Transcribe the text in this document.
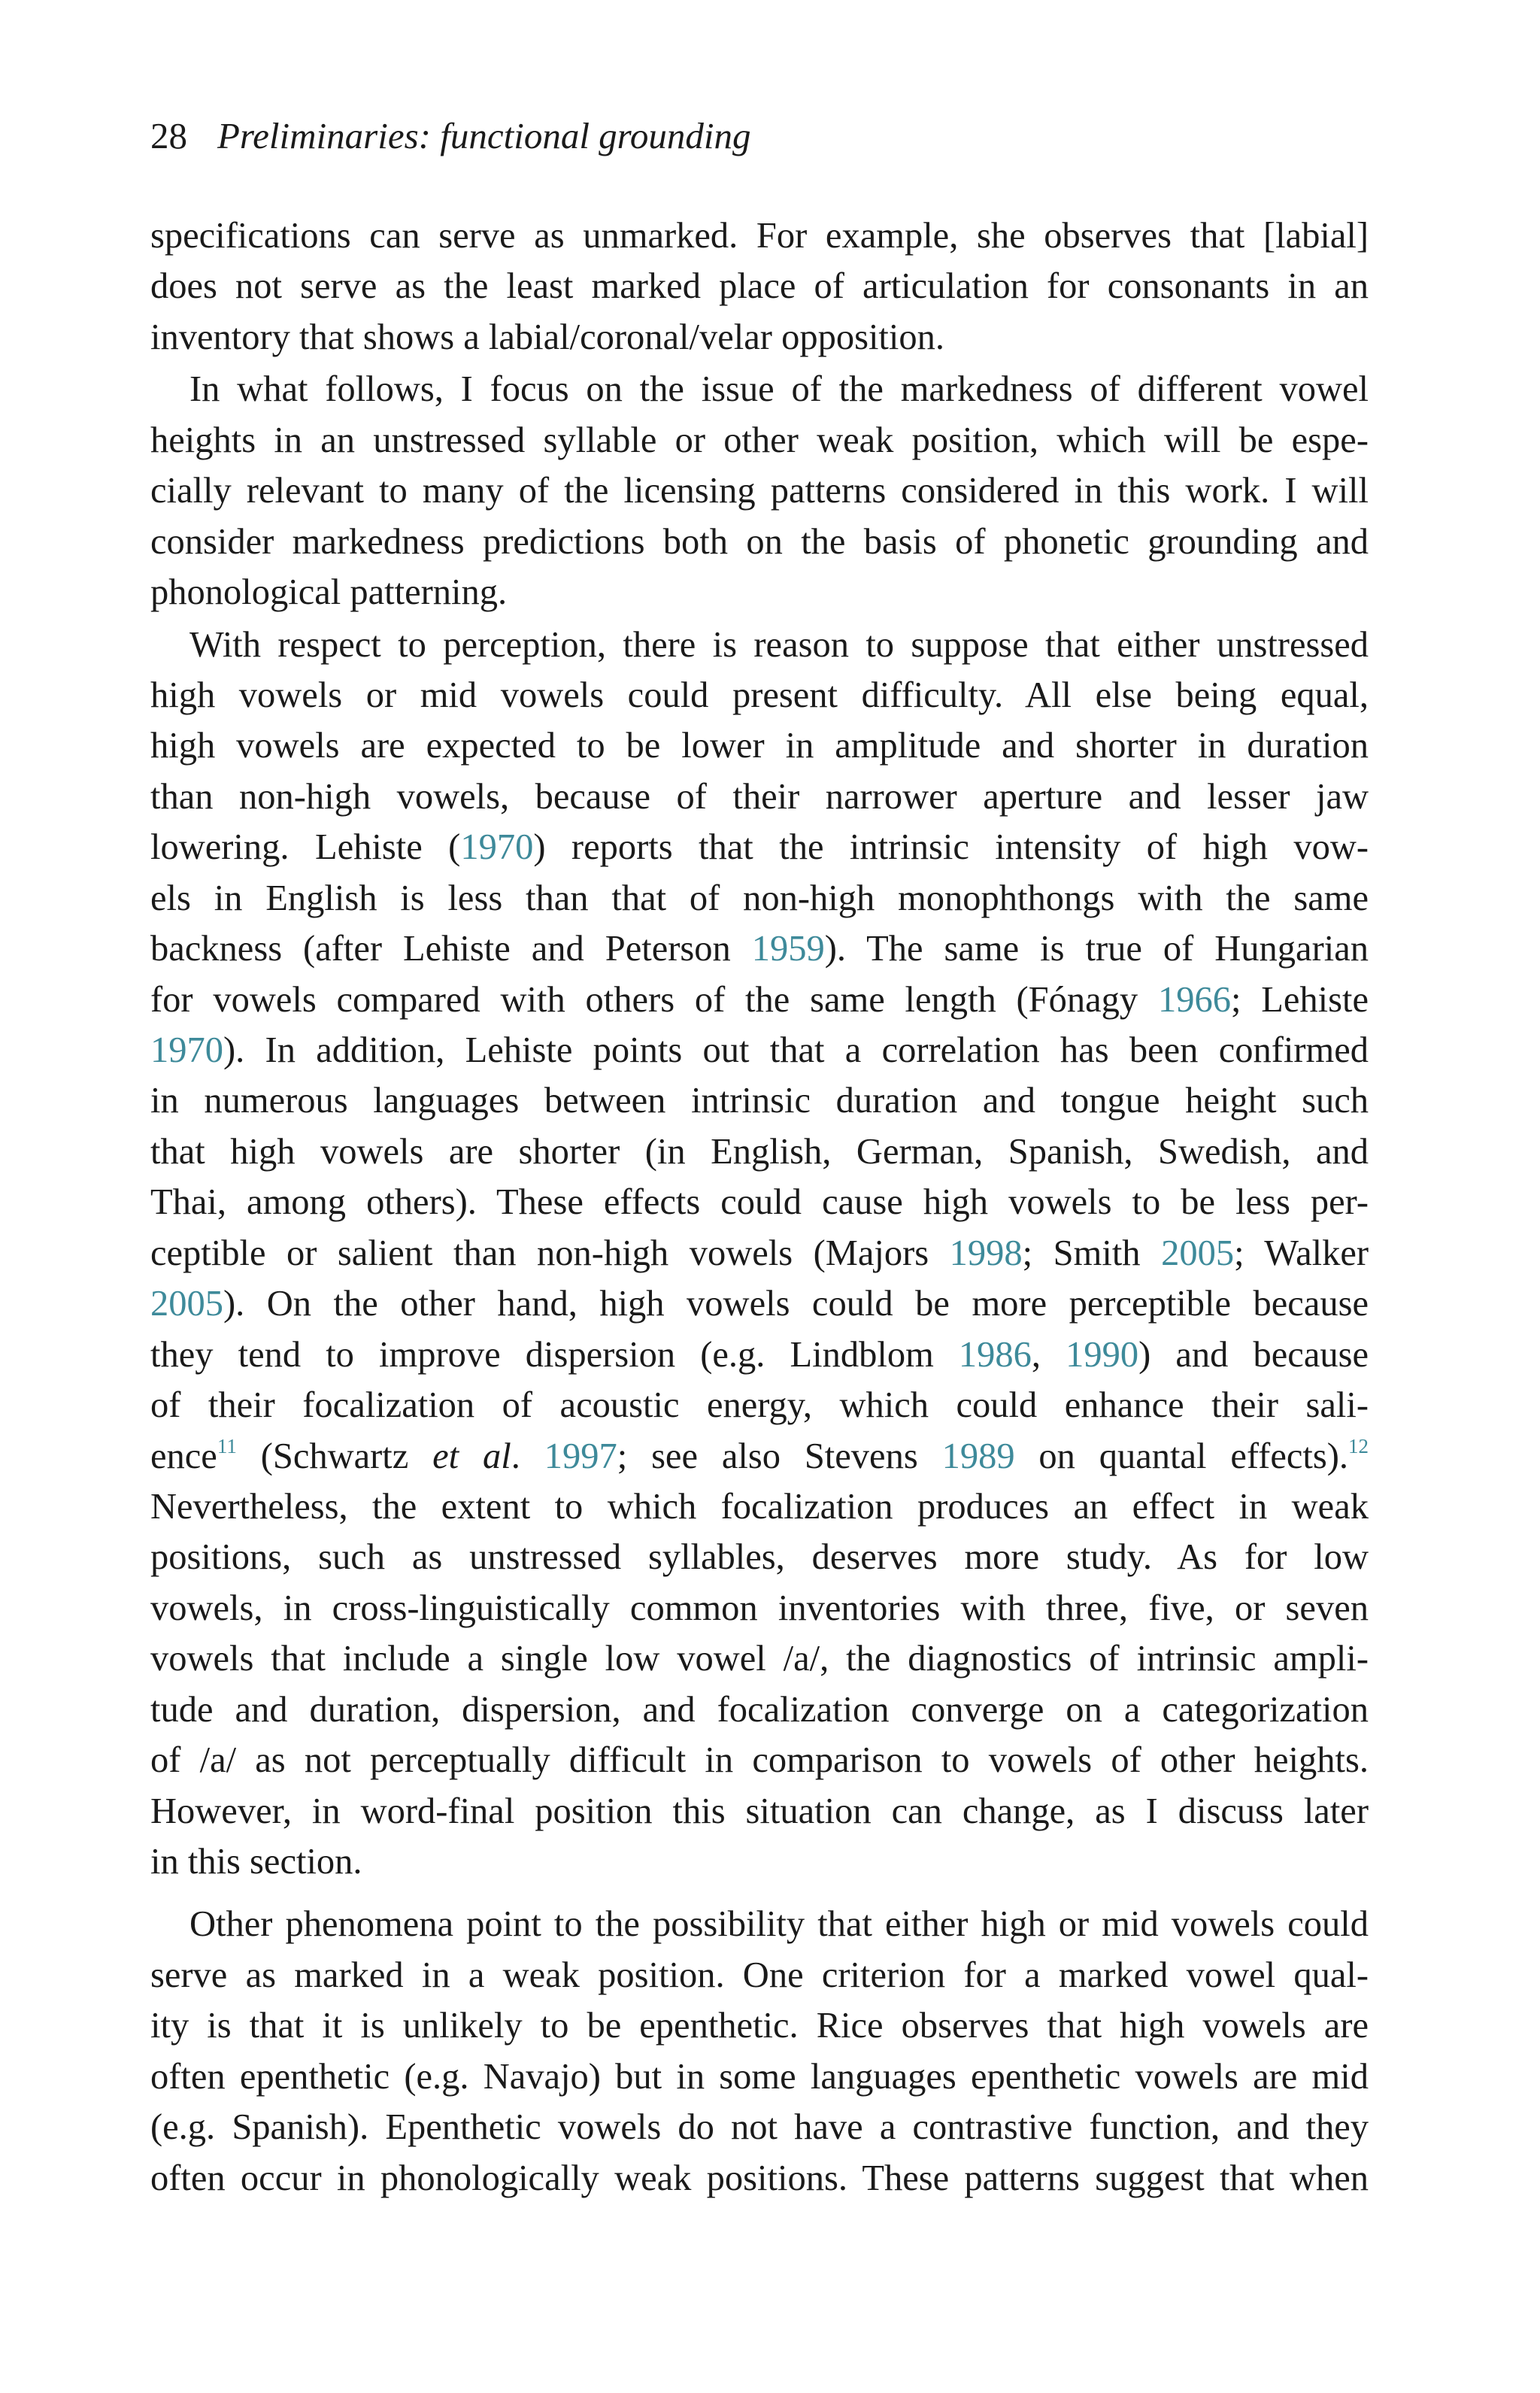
28 Preliminaries: functional grounding
specifications can serve as unmarked. For example, she observes that [labial]
does not serve as the least marked place of articulation for consonants in an
inventory that shows a labial/coronal/velar opposition.
In what follows, I focus on the issue of the markedness of different vowel
heights in an unstressed syllable or other weak position, which will be espe-
cially relevant to many of the licensing patterns considered in this work. I will
consider markedness predictions both on the basis of phonetic grounding and
phonological patterning.
With respect to perception, there is reason to suppose that either unstressed
high vowels or mid vowels could present difficulty. All else being equal,
high vowels are expected to be lower in amplitude and shorter in duration
than non-high vowels, because of their narrower aperture and lesser jaw
lowering. Lehiste (1970) reports that the intrinsic intensity of high vow-
els in English is less than that of non-high monophthongs with the same
backness (after Lehiste and Peterson 1959). The same is true of Hungarian
for vowels compared with others of the same length (Fónagy 1966; Lehiste
1970). In addition, Lehiste points out that a correlation has been confirmed
in numerous languages between intrinsic duration and tongue height such
that high vowels are shorter (in English, German, Spanish, Swedish, and
Thai, among others). These effects could cause high vowels to be less per-
ceptible or salient than non-high vowels (Majors 1998; Smith 2005; Walker
2005). On the other hand, high vowels could be more perceptible because
they tend to improve dispersion (e.g. Lindblom 1986, 1990) and because
of their focalization of acoustic energy, which could enhance their sali-
ence$^{11}$ (Schwartz et al. 1997; see also Stevens 1989 on quantal effects).$^{12}$
Nevertheless, the extent to which focalization produces an effect in weak
positions, such as unstressed syllables, deserves more study. As for low
vowels, in cross-linguistically common inventories with three, five, or seven
vowels that include a single low vowel /a/, the diagnostics of intrinsic ampli-
tude and duration, dispersion, and focalization converge on a categorization
of /a/ as not perceptually difficult in comparison to vowels of other heights.
However, in word-final position this situation can change, as I discuss later
in this section.
Other phenomena point to the possibility that either high or mid vowels could
serve as marked in a weak position. One criterion for a marked vowel qual-
ity is that it is unlikely to be epenthetic. Rice observes that high vowels are
often epenthetic (e.g. Navajo) but in some languages epenthetic vowels are mid
(e.g. Spanish). Epenthetic vowels do not have a contrastive function, and they
often occur in phonologically weak positions. These patterns suggest that when
